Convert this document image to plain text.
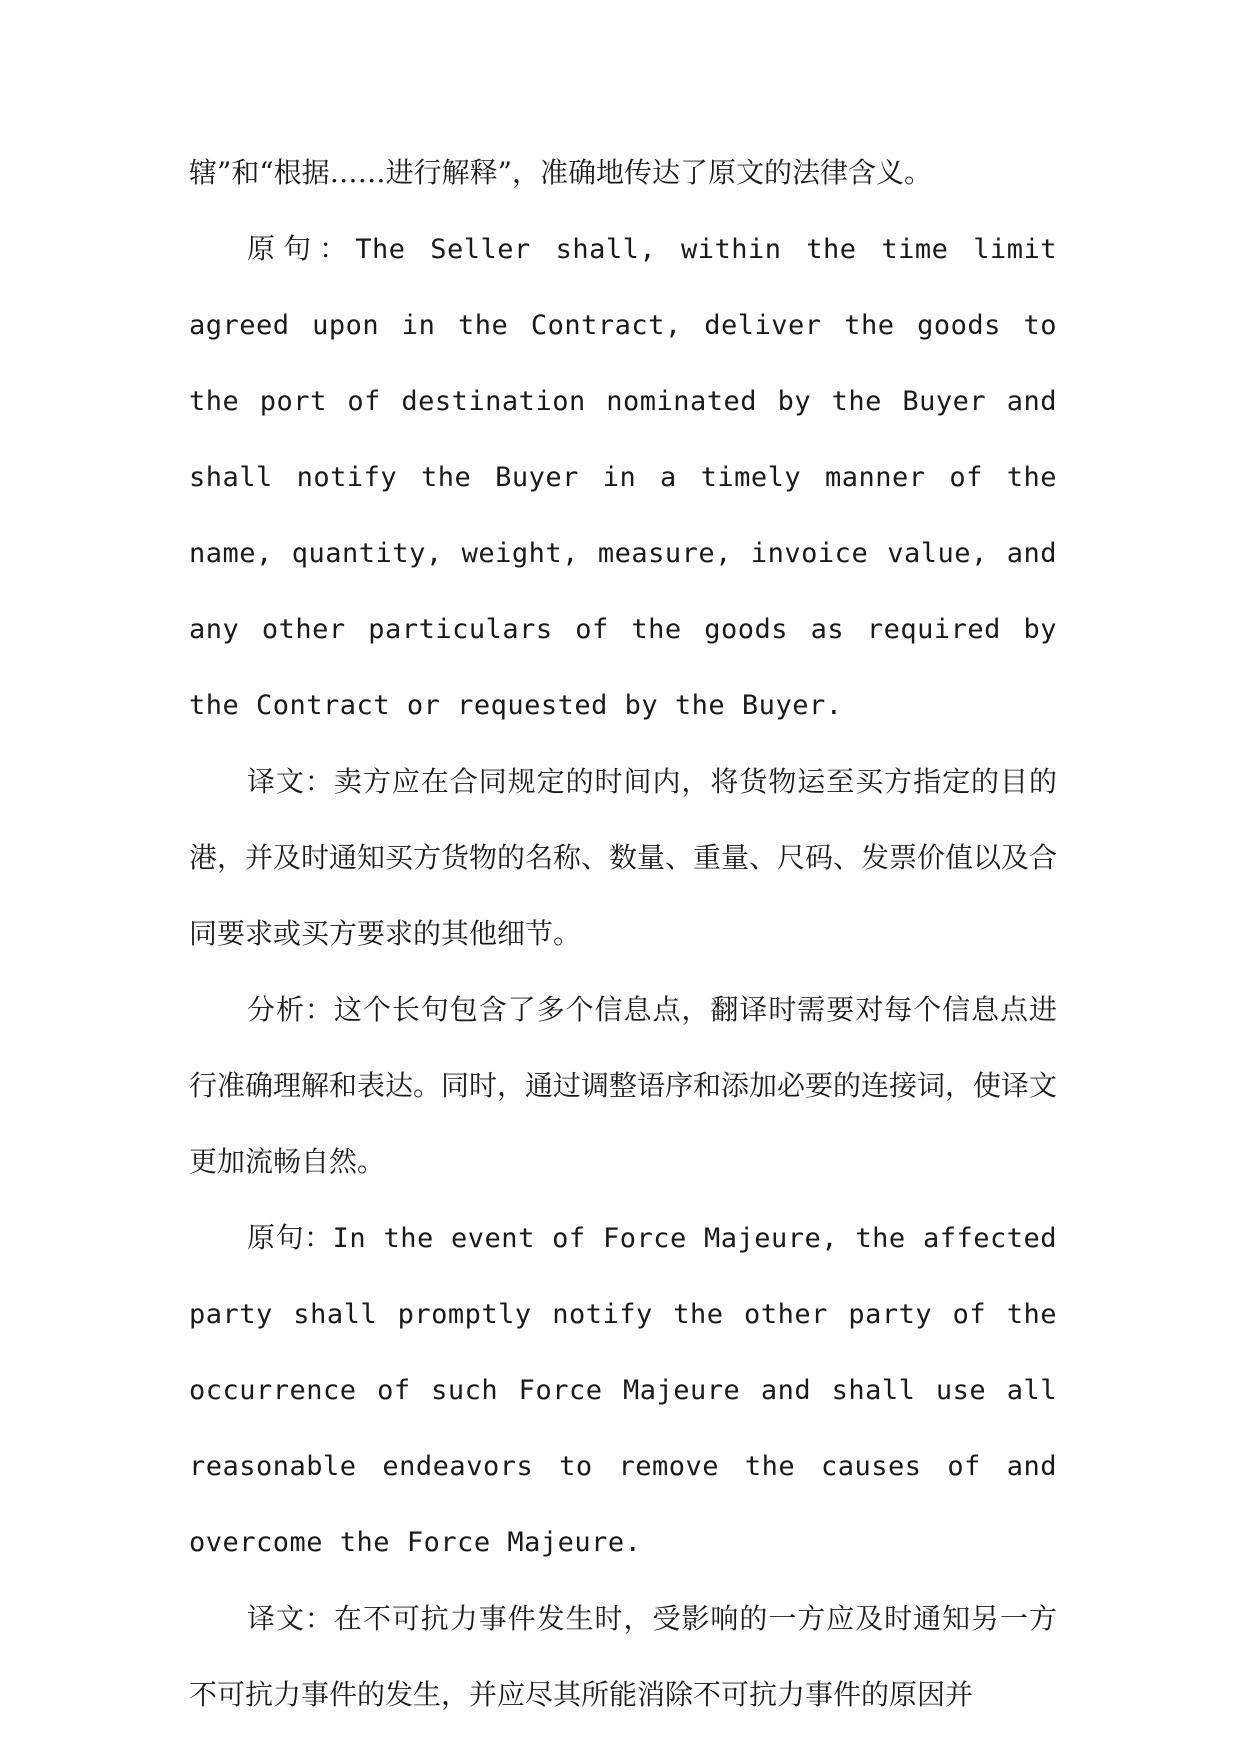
辖”和“根据……进行解释”，准确地传达了原文的法律含义。

原句：The Seller shall, within the time limit agreed upon in the Contract, deliver the goods to the port of destination nominated by the Buyer and shall notify the Buyer in a timely manner of the name, quantity, weight, measure, invoice value, and any other particulars of the goods as required by the Contract or requested by the Buyer.

译文：卖方应在合同规定的时间内，将货物运至买方指定的目的港，并及时通知买方货物的名称、数量、重量、尺码、发票价值以及合同要求或买方要求的其他细节。

分析：这个长句包含了多个信息点，翻译时需要对每个信息点进行准确理解和表达。同时，通过调整语序和添加必要的连接词，使译文更加流畅自然。

原句：In the event of Force Majeure, the affected party shall promptly notify the other party of the occurrence of such Force Majeure and shall use all reasonable endeavors to remove the causes of and overcome the Force Majeure.

译文：在不可抗力事件发生时，受影响的一方应及时通知另一方不可抗力事件的发生，并应尽其所能消除不可抗力事件的原因并
